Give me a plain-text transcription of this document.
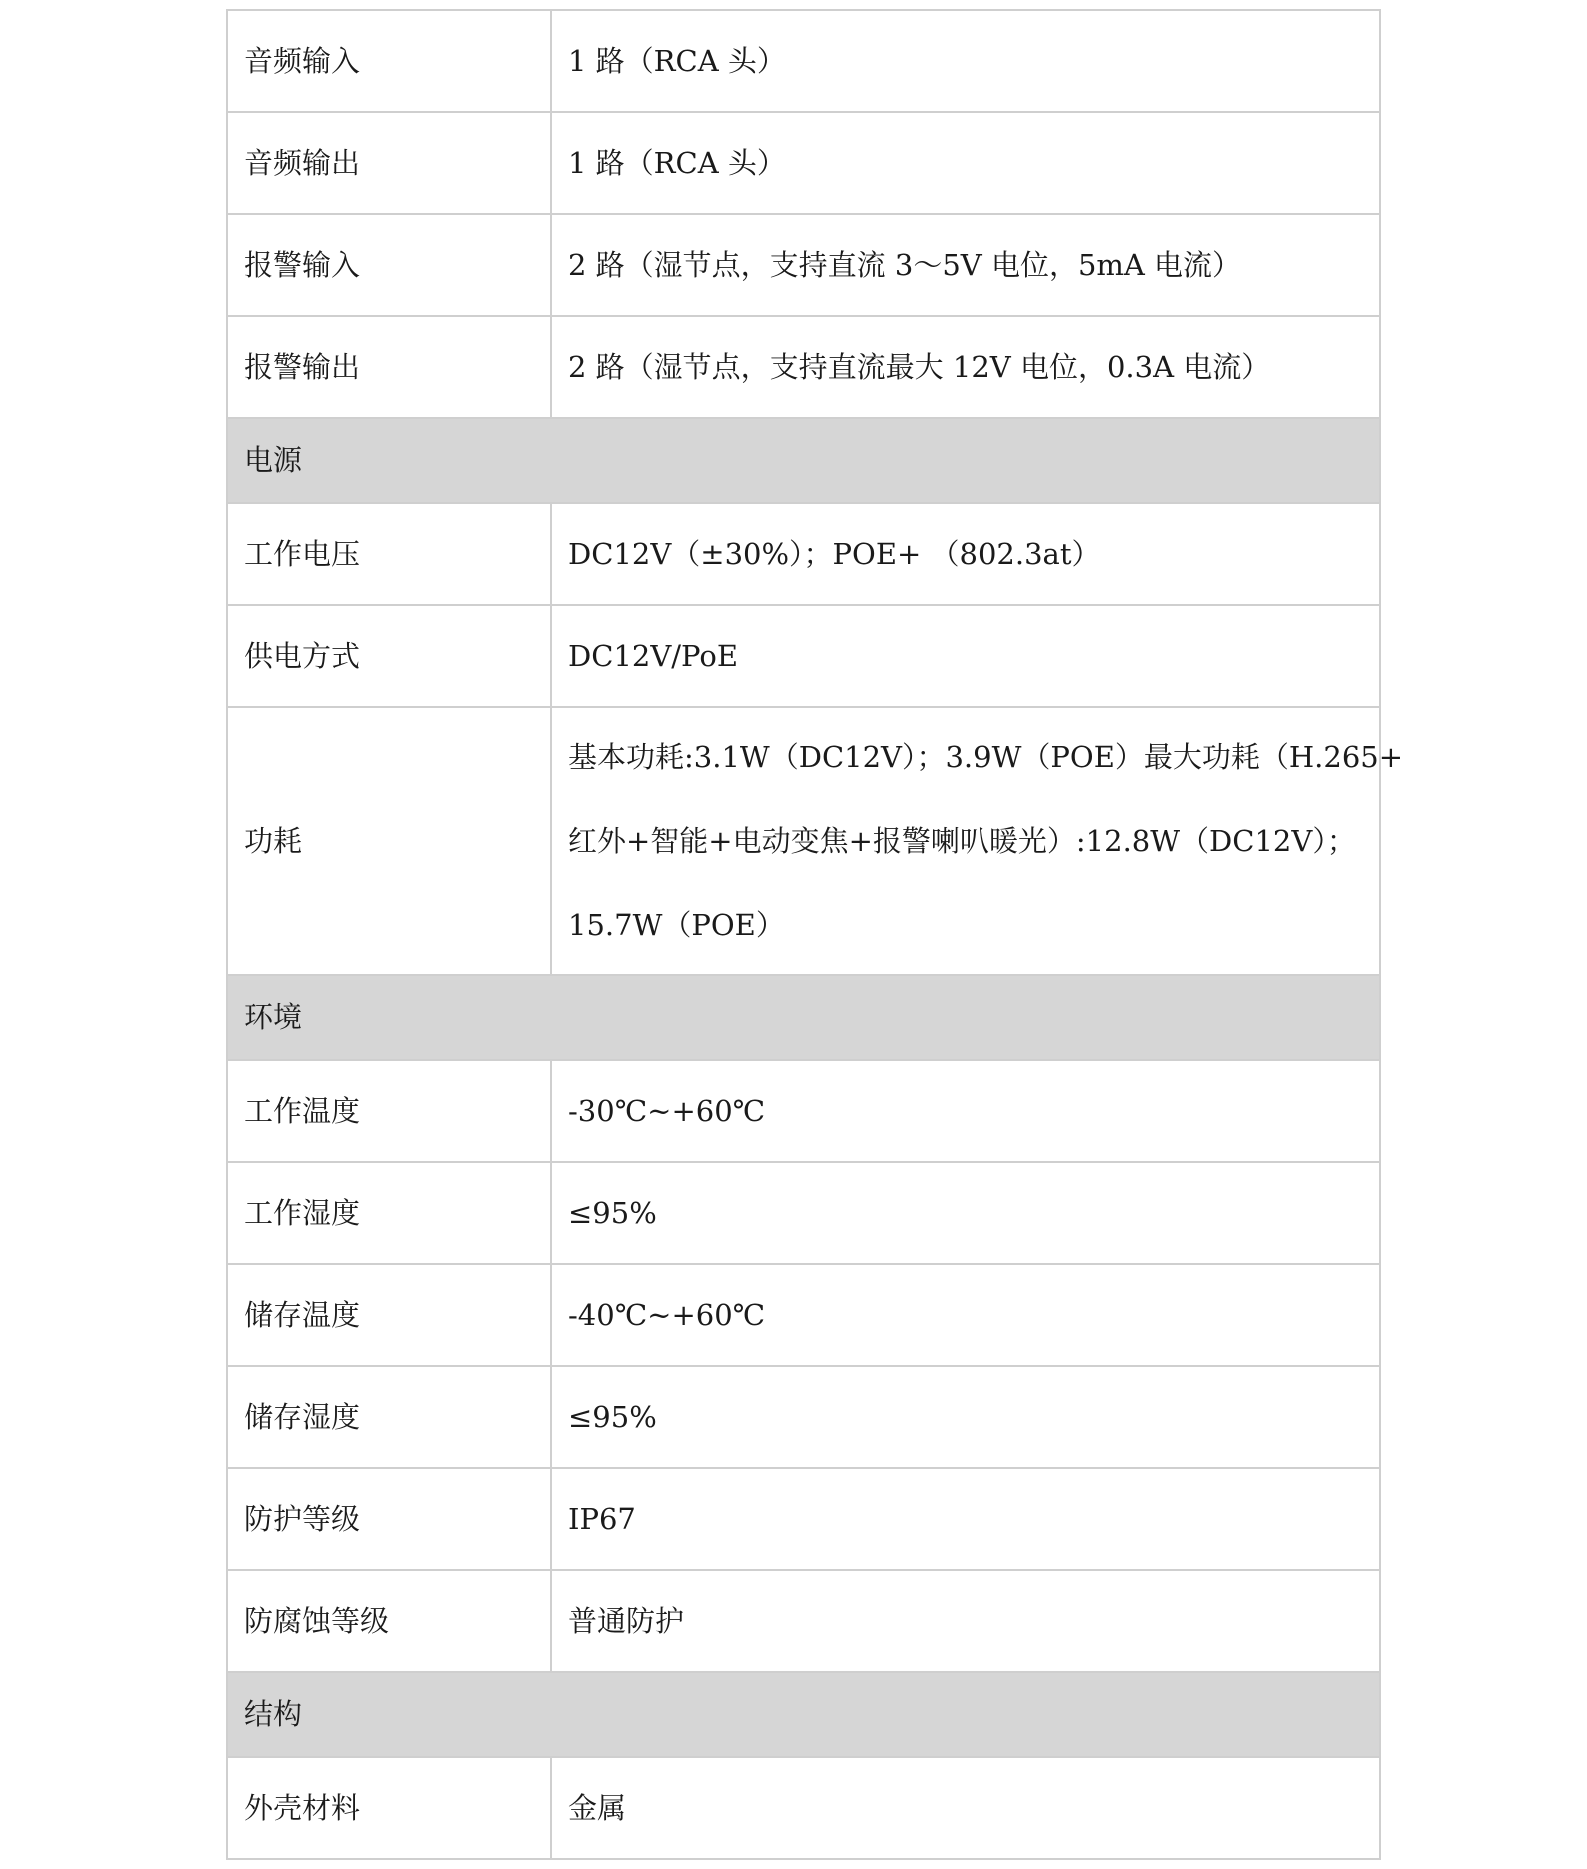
音频输入	1 路（RCA 头）
音频输出	1 路（RCA 头）
报警输入	2 路（湿节点，支持直流 3～5V 电位，5mA 电流）
报警输出	2 路（湿节点，支持直流最大 12V 电位，0.3A 电流）
电源	
工作电压	DC12V（±30%）；POE+ （802.3at）
供电方式	DC12V/PoE
功耗	基本功耗:3.1W（DC12V）；3.9W（POE）最大功耗（H.265+
红外+智能+电动变焦+报警喇叭暖光）:12.8W（DC12V）；
15.7W（POE）

环境	
工作温度	-30℃~+60℃
工作湿度	≤95%
储存温度	-40℃~+60℃
储存湿度	≤95%
防护等级	IP67
防腐蚀等级	普通防护
结构	
外壳材料	金属
